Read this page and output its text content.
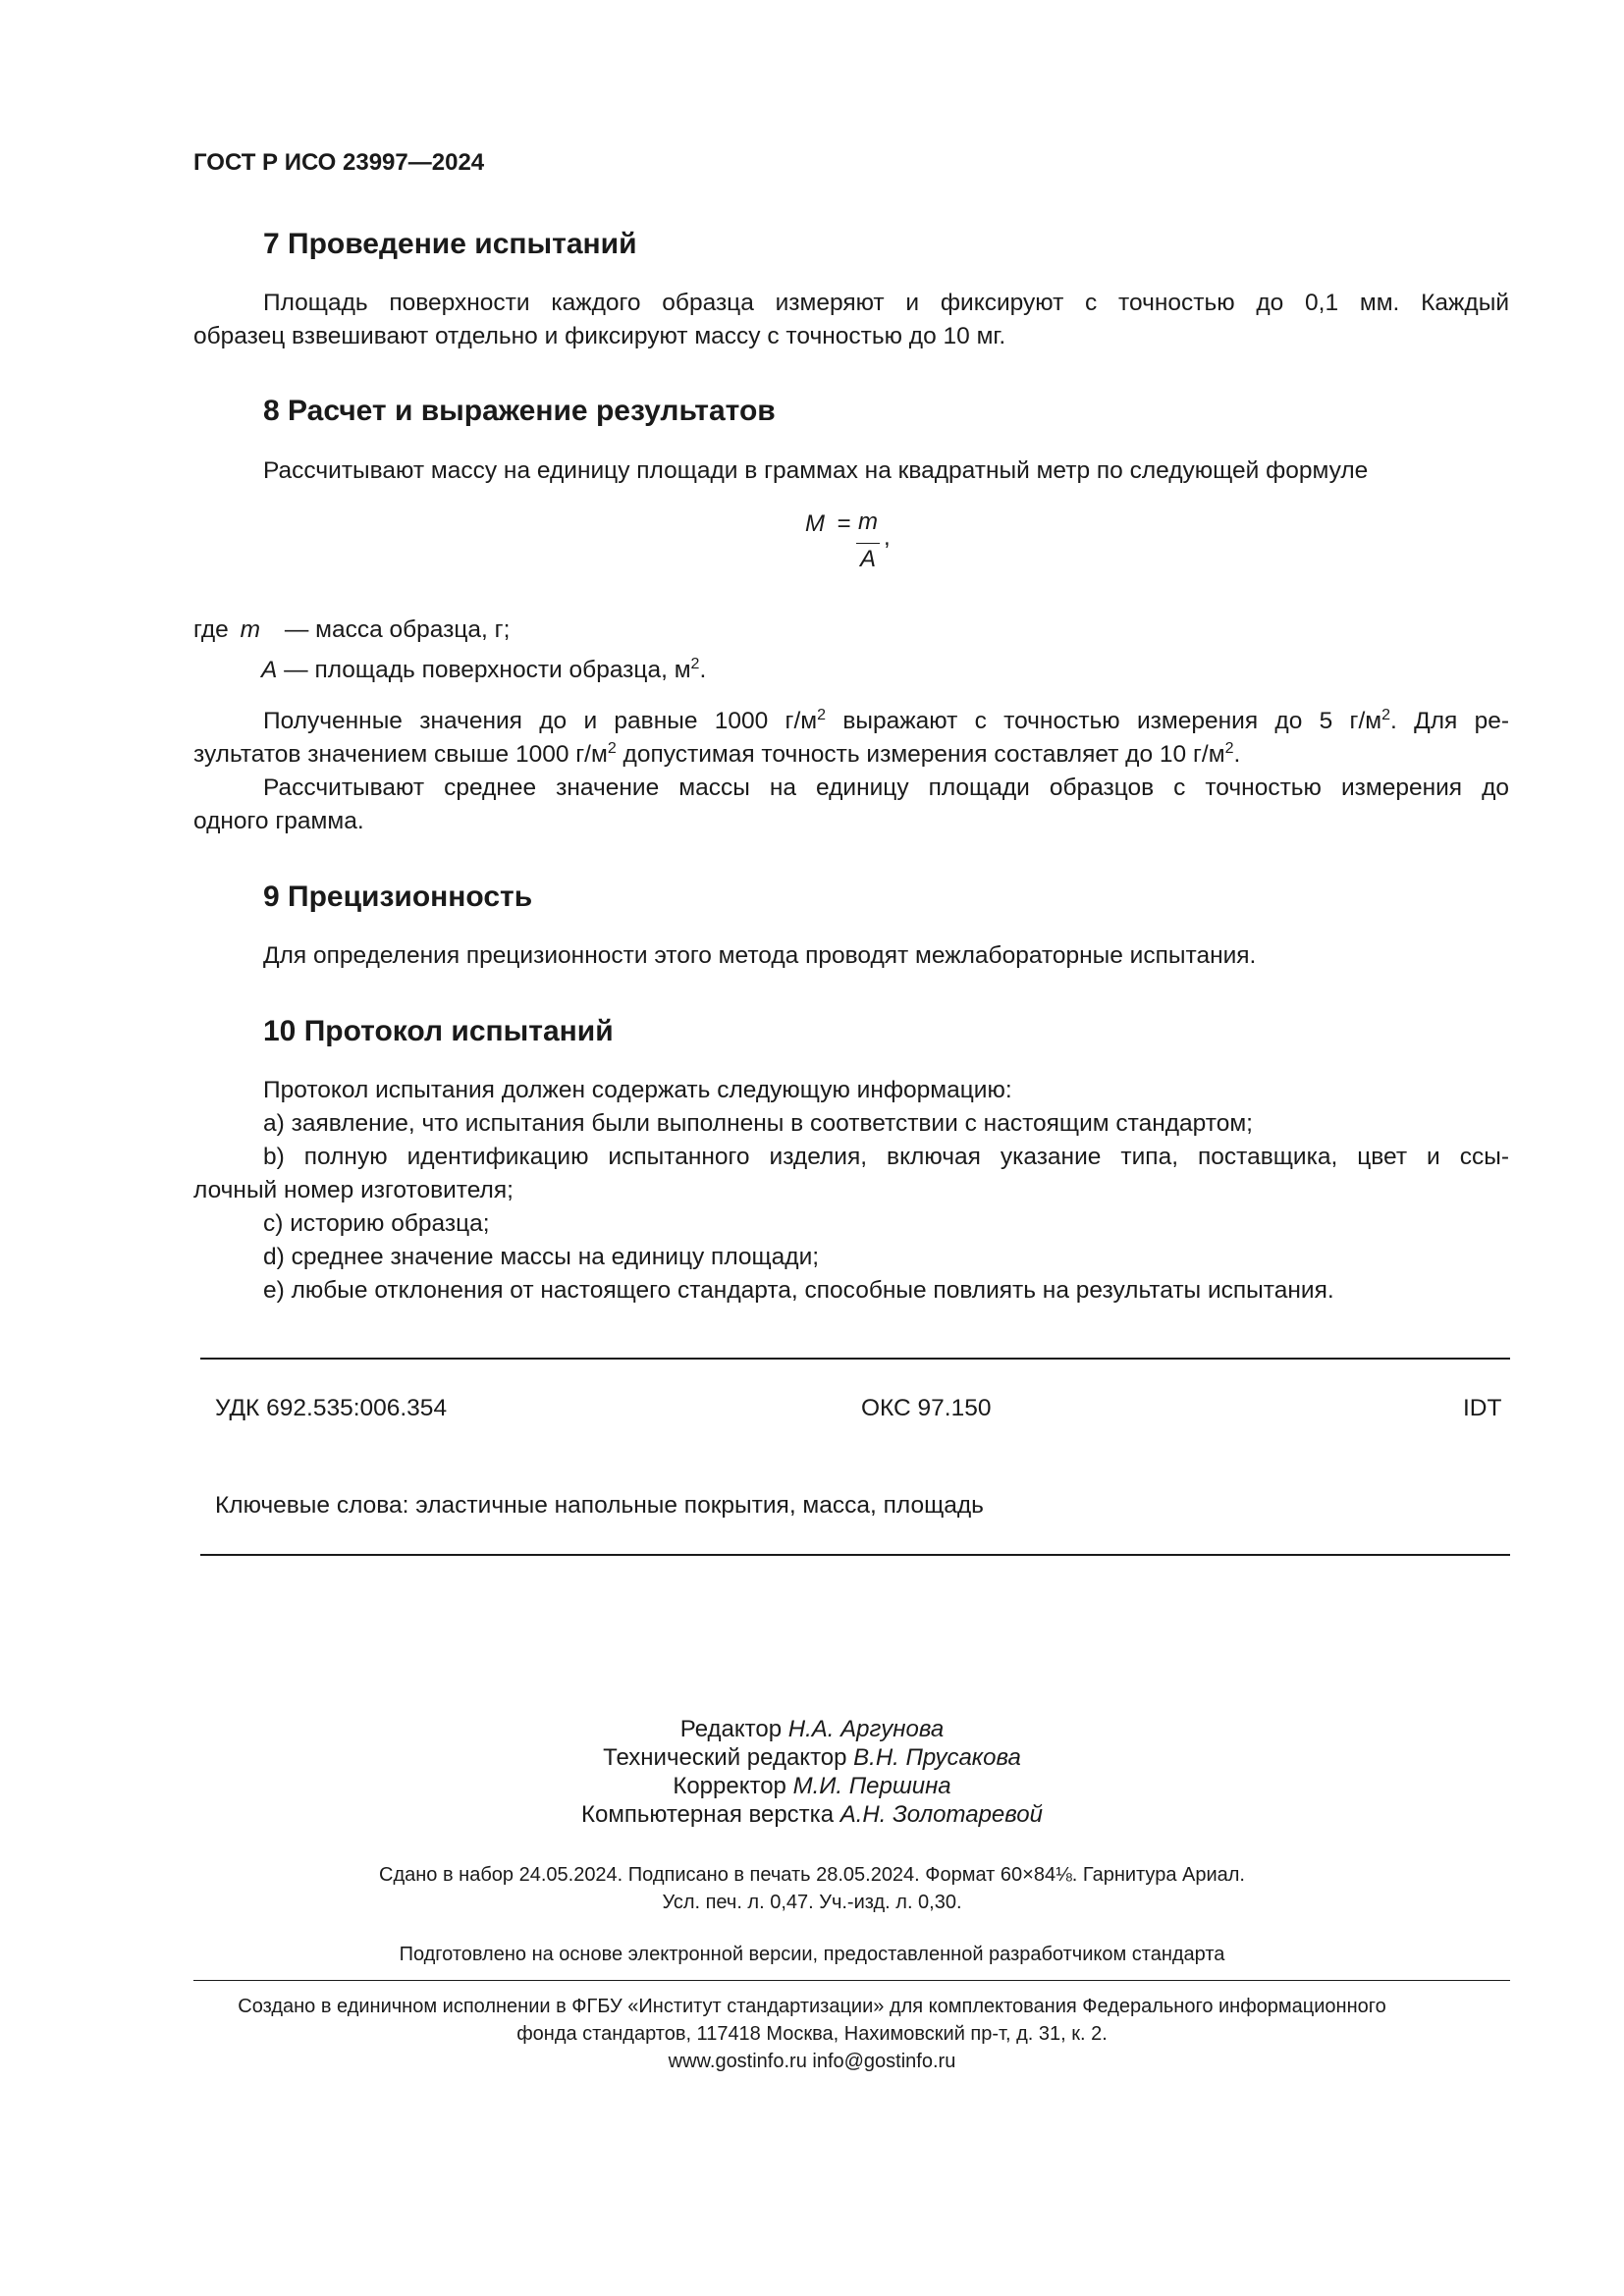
ГОСТ Р ИСО 23997—2024
7 Проведение испытаний
Площадь поверхности каждого образца измеряют и фиксируют с точностью до 0,1 мм. Каждый
образец взвешивают отдельно и фиксируют массу с точностью до 10 мг.
8 Расчет и выражение результатов
Рассчитывают массу на единицу площади в граммах на квадратный метр по следующей формуле
M = m
A
,
где m — масса образца, г;
A — площадь поверхности образца, $м^2$.
Полученные значения до и равные 1000 $г/м^2$ выражают с точностью измерения до 5 $г/м^2$. Для ре-
зультатов значением свыше 1000 $г/м^2$ допустимая точность измерения составляет до 10 $г/м^2$.
Рассчитывают среднее значение массы на единицу площади образцов с точностью измерения до
одного грамма.
9 Прецизионность
Для определения прецизионности этого метода проводят межлабораторные испытания.
10 Протокол испытаний
Протокол испытания должен содержать следующую информацию:
a) заявление, что испытания были выполнены в соответствии с настоящим стандартом;
b) полную идентификацию испытанного изделия, включая указание типа, поставщика, цвет и ссы-
лочный номер изготовителя;
c) историю образца;
d) среднее значение массы на единицу площади;
e) любые отклонения от настоящего стандарта, способные повлиять на результаты испытания.
УДК 692.535:006.354	ОКС 97.150	IDT
Ключевые слова: эластичные напольные покрытия, масса, площадь
Редактор Н.А. Аргунова
Технический редактор В.Н. Прусакова
Корректор М.И. Першина
Компьютерная верстка А.Н. Золотаревой
Сдано в набор 24.05.2024. Подписано в печать 28.05.2024. Формат 60×84⅛. Гарнитура Ариал.
Усл. печ. л. 0,47. Уч.-изд. л. 0,30.
Подготовлено на основе электронной версии, предоставленной разработчиком стандарта
Создано в единичном исполнении в ФГБУ «Институт стандартизации» для комплектования Федерального информационного
фонда стандартов, 117418 Москва, Нахимовский пр-т, д. 31, к. 2.
www.gostinfo.ru info@gostinfo.ru
